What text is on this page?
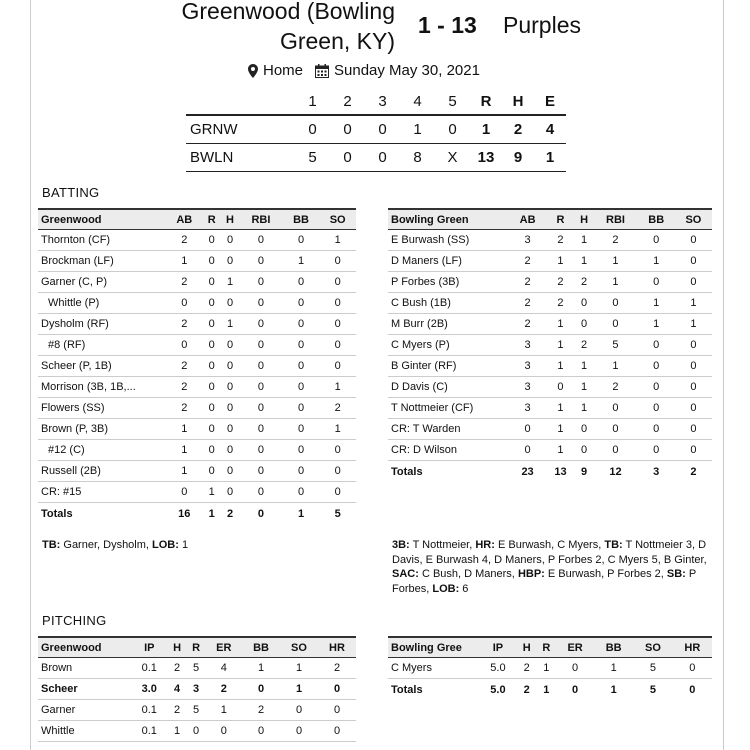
Greenwood (Bowling Green, KY)
1 - 13 Purples
Home Sunday May 30, 2021
	1	2	3	4	5	R	H	E
GRNW	0	0	0	1	0	1	2	4
BWLN	5	0	0	8	X	13	9	1
BATTING
Greenwood	AB	R	H	RBI	BB	SO
Thornton (CF)	2	0	0	0	0	1
Brockman (LF)	1	0	0	0	1	0
Garner (C, P)	2	0	1	0	0	0
Whittle (P)	0	0	0	0	0	0
Dysholm (RF)	2	0	1	0	0	0
#8 (RF)	0	0	0	0	0	0
Scheer (P, 1B)	2	0	0	0	0	0
Morrison (3B, 1B,...	2	0	0	0	0	1
Flowers (SS)	2	0	0	0	0	2
Brown (P, 3B)	1	0	0	0	0	1
#12 (C)	1	0	0	0	0	0
Russell (2B)	1	0	0	0	0	0
CR: #15	0	1	0	0	0	0
Totals	16	1	2	0	1	5
Bowling Green	AB	R	H	RBI	BB	SO
E Burwash (SS)	3	2	1	2	0	0
D Maners (LF)	2	1	1	1	1	0
P Forbes (3B)	2	2	2	1	0	0
C Bush (1B)	2	2	0	0	1	1
M Burr (2B)	2	1	0	0	1	1
C Myers (P)	3	1	2	5	0	0
B Ginter (RF)	3	1	1	1	0	0
D Davis (C)	3	0	1	2	0	0
T Nottmeier (CF)	3	1	1	0	0	0
CR: T Warden	0	1	0	0	0	0
CR: D Wilson	0	1	0	0	0	0
Totals	23	13	9	12	3	2
TB: Garner, Dysholm, LOB: 1	3B: T Nottmeier, HR: E Burwash, C Myers, TB: T Nottmeier 3, D Davis, E Burwash 4, D Maners, P Forbes 2, C Myers 5, B Ginter, SAC: C Bush, D Maners, HBP: E Burwash, P Forbes 2, SB: P Forbes, LOB: 6
PITCHING
Greenwood	IP	H	R	ER	BB	SO	HR
Brown	0.1	2	5	4	1	1	2
Scheer	3.0	4	3	2	0	1	0
Garner	0.1	2	5	1	2	0	0
Whittle	0.1	1	0	0	0	0	0
Bowling Gree	IP	H	R	ER	BB	SO	HR
C Myers	5.0	2	1	0	1	5	0
Totals	5.0	2	1	0	1	5	0
